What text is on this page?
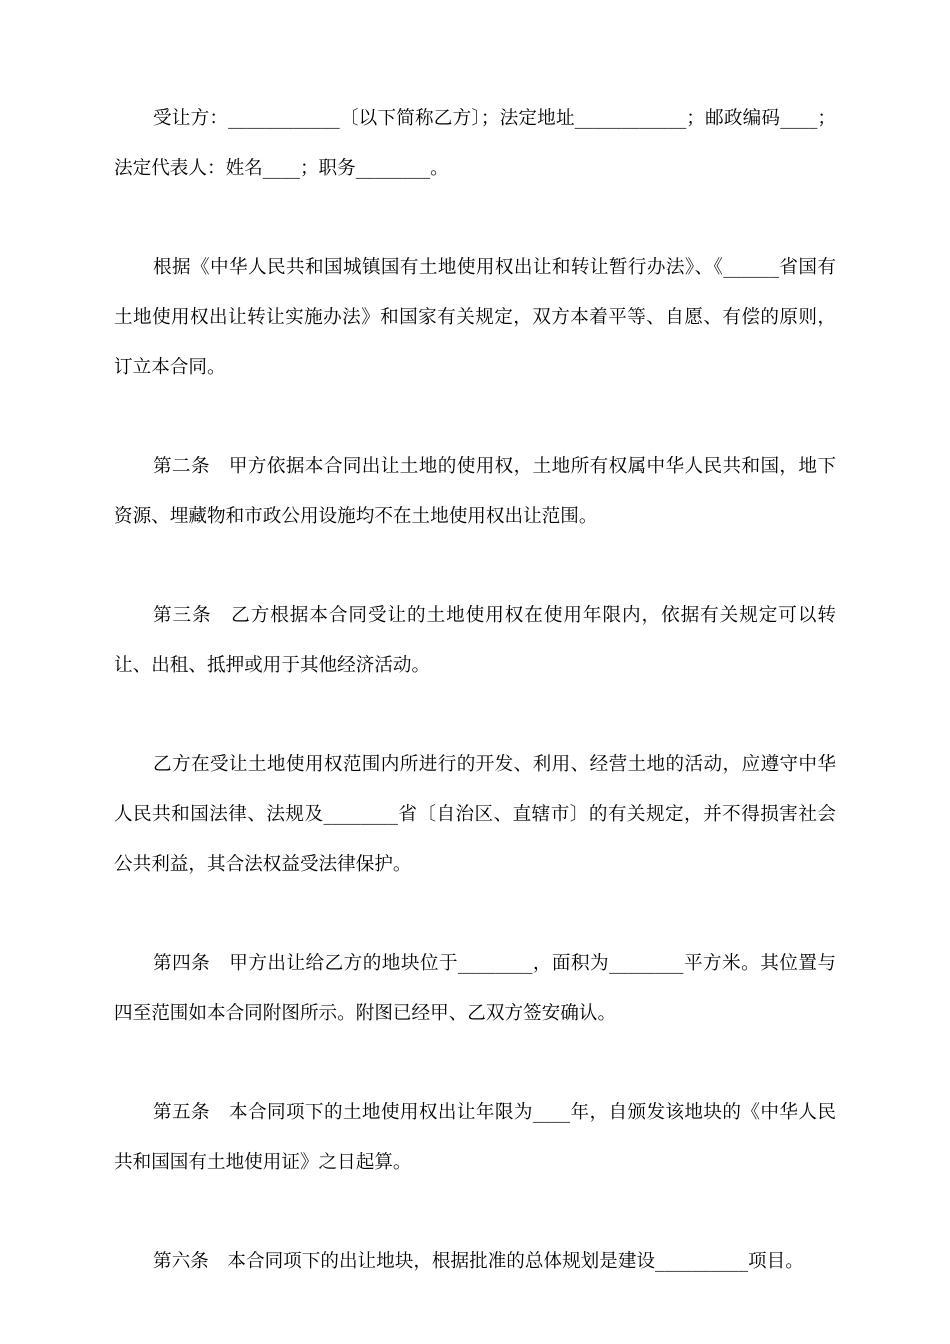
受让方：____________〔以下简称乙方〕；法定地址____________；邮政编码____；法定代表人：姓名____；职务________。

根据《中华人民共和国城镇国有土地使用权出让和转让暂行办法》、《______省国有土地使用权出让转让实施办法》和国家有关规定，双方本着平等、自愿、有偿的原则，订立本合同。

第二条　甲方依据本合同出让土地的使用权，土地所有权属中华人民共和国，地下资源、埋藏物和市政公用设施均不在土地使用权出让范围。

第三条　乙方根据本合同受让的土地使用权在使用年限内，依据有关规定可以转让、出租、抵押或用于其他经济活动。

乙方在受让土地使用权范围内所进行的开发、利用、经营土地的活动，应遵守中华人民共和国法律、法规及________省〔自治区、直辖市〕的有关规定，并不得损害社会公共利益，其合法权益受法律保护。

第四条　甲方出让给乙方的地块位于________，面积为________平方米。其位置与四至范围如本合同附图所示。附图已经甲、乙双方签安确认。

第五条　本合同项下的土地使用权出让年限为____年，自颁发该地块的《中华人民共和国国有土地使用证》之日起算。

第六条　本合同项下的出让地块，根据批准的总体规划是建设__________项目。
